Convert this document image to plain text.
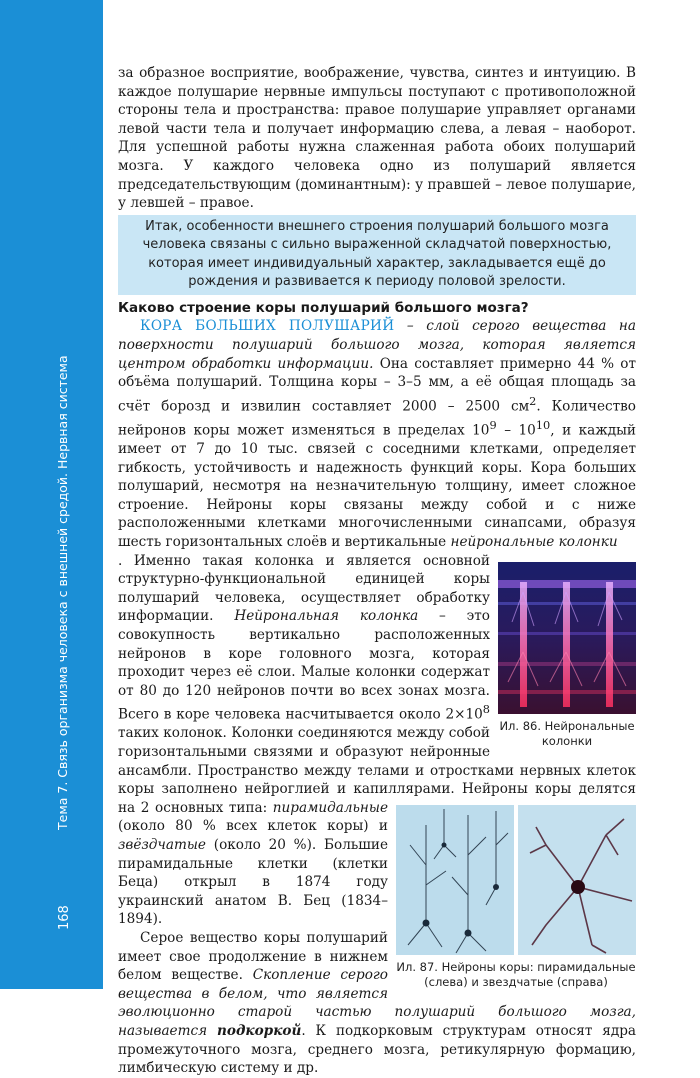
Тема 7. Связь организма человека с внешней средой. Нервная система
168

за образное восприятие, воображение, чувства, синтез и интуицию. В каждое полушарие нервные импульсы поступают с противоположной стороны тела и пространства: правое полушарие управляет органами левой части тела и получает информацию слева, а левая – наоборот. Для успешной работы нужна слаженная работа обоих полушарий мозга. У каждого человека одно из полушарий является председательствующим (доминантным): у правшей – левое полушарие, у левшей – правое.

Итак, особенности внешнего строения полушарий большого мозга человека связаны с сильно выраженной складчатой поверхностью, которая имеет индивидуальный характер, закладывается ещё до рождения и развивается к периоду половой зрелости.
Каково строение коры полушарий большого мозга?

КОРА БОЛЬШИХ ПОЛУШАРИЙ – слой серого вещества на поверхности полушарий большого мозга, которая является центром обработки информации. Она составляет примерно 44 % от объёма полушарий. Толщина коры – 3–5 мм, а её общая площадь за счёт борозд и извилин составляет 2000 – 2500 $см^2$. Количество нейронов коры может изменяться в пределах $10^9 - 10^{10}$, и каждый имеет от 7 до 10 тыс. связей с соседними клетками, определяет гибкость, устойчивость и надежность функций коры. Кора больших полушарий, несмотря на незначительную толщину, имеет сложное строение. Нейроны коры связаны между собой и с ниже расположенными клетками многочисленными синапсами, образуя шесть горизонтальных слоёв и вертикальные нейрональные колонки

Ил. 86. Нейрональные колонки
. Именно такая колонка и является основной структурно-функциональной единицей коры полушарий человека, осуществляет обработку информации. Нейрональная колонка – это совокупность вертикально расположенных нейронов в коре головного мозга, которая проходит через её слои. Малые колонки содержат от 80 до 120 нейронов почти во всех зонах мозга. Всего в коре человека насчитывается около $2\times 10^8$ таких колонок. Колонки соединяются между собой горизонтальными связями и образуют нейронные ансамбли. Пространство между телами и отростками нервных клеток коры заполнено нейроглией и капиллярами. Нейроны коры делятся на 2 основных типа:
Ил. 87. Нейроны коры: пирамидальные (слева) и звездчатые (справа)
пирамидальные (около 80 % всех клеток коры) и звёздчатые (около 20 %). Большие пирамидальные клетки (клетки Беца) открыл в 1874 году украинский анатом В. Бец (1834–1894).

Серое вещество коры полушарий имеет свое продолжение в нижнем белом веществе. Скопление серого вещества в белом, что является эволюционно старой частью полушарий большого мозга, называется подкоркой. К подкорковым структурам относят ядра промежуточного мозга, среднего мозга, ретикулярную формацию, лимбическую систему и др.
